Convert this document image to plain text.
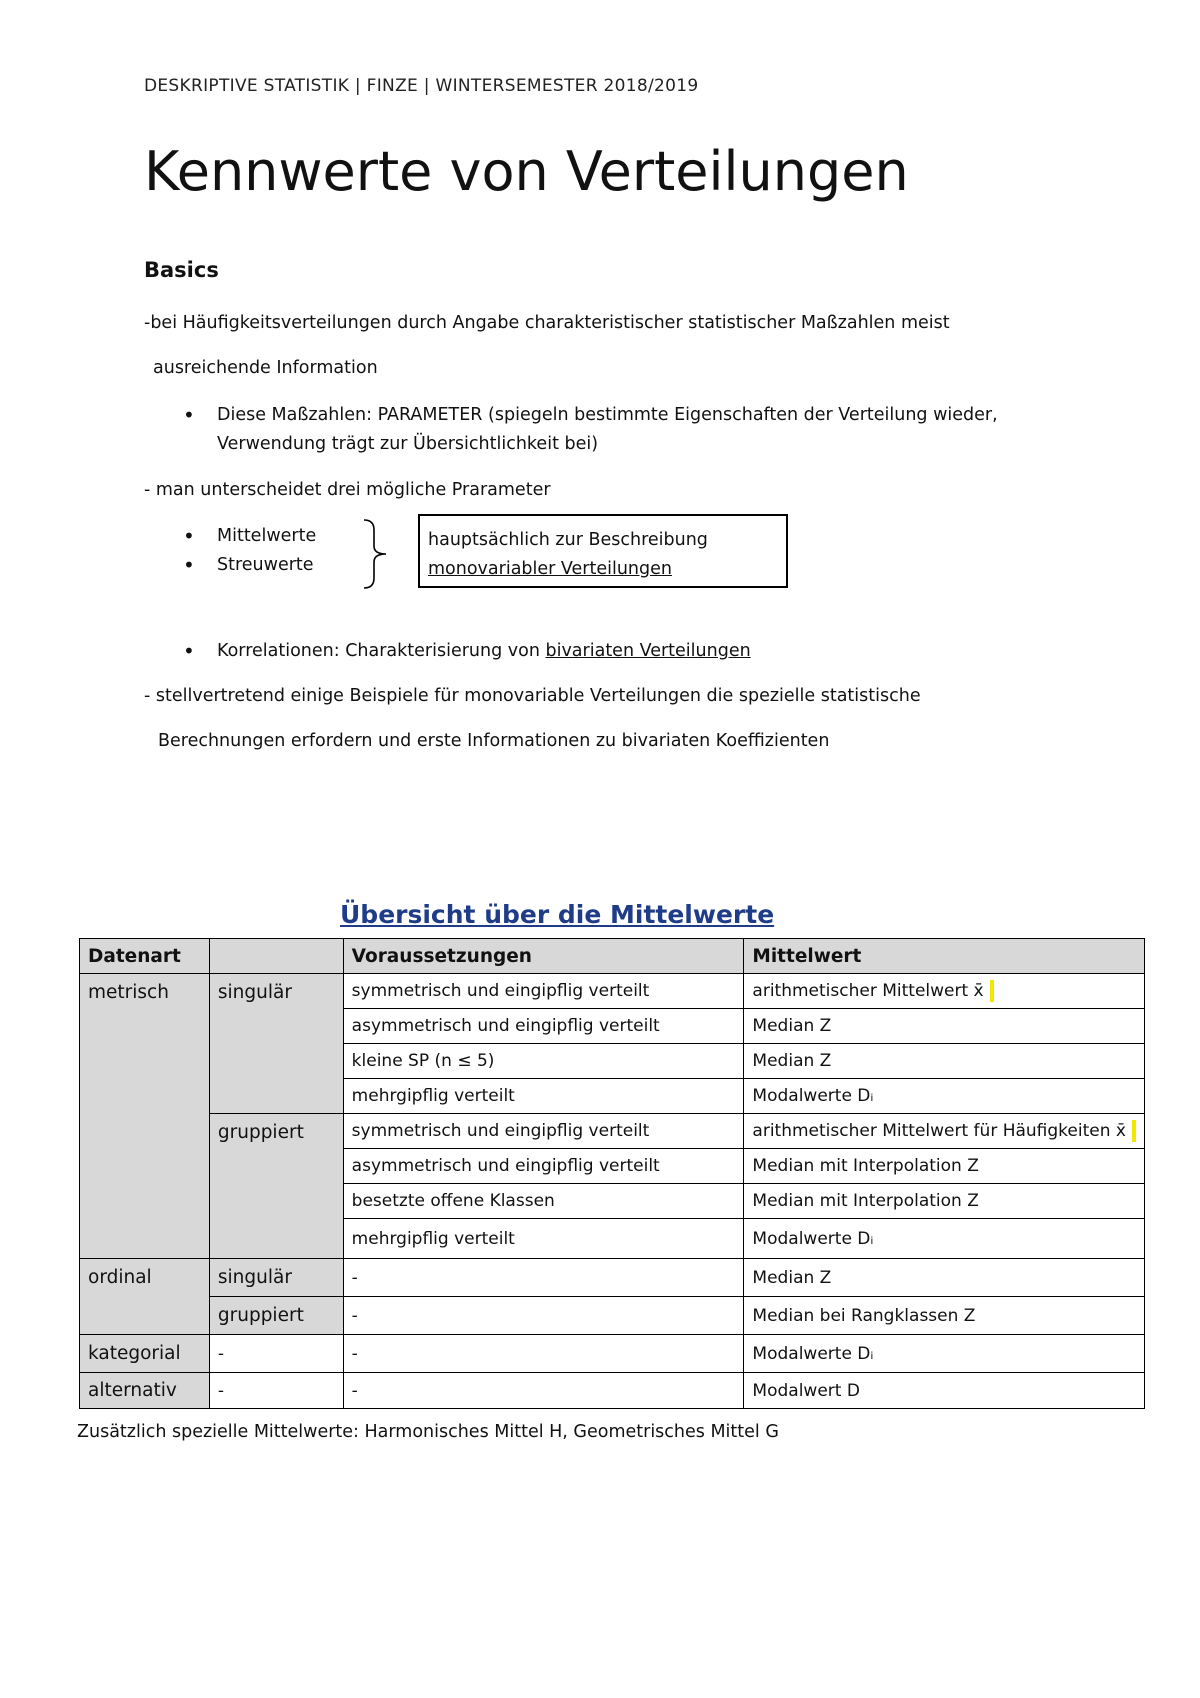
DESKRIPTIVE STATISTIK | FINZE | WINTERSEMESTER 2018/2019
Kennwerte von Verteilungen
Basics
-bei Häufigkeitsverteilungen durch Angabe charakteristischer statistischer Maßzahlen meist
ausreichende Information
• Diese Maßzahlen: PARAMETER (spiegeln bestimmte Eigenschaften der Verteilung wieder,
Verwendung trägt zur Übersichtlichkeit bei)
- man unterscheidet drei mögliche Prarameter
• Mittelwerte
• Streuwerte
hauptsächlich zur Beschreibung
monovariabler Verteilungen
• Korrelationen: Charakterisierung von bivariaten Verteilungen
- stellvertretend einige Beispiele für monovariable Verteilungen die spezielle statistische
Berechnungen erfordern und erste Informationen zu bivariaten Koeffizienten
Übersicht über die Mittelwerte
Datenart		Voraussetzungen	Mittelwert
metrisch	singulär	symmetrisch und eingipflig verteilt	arithmetischer Mittelwert x̄
		asymmetrisch und eingipflig verteilt	Median Z
		kleine SP (n ≤ 5)	Median Z
		mehrgipflig verteilt	Modalwerte Dᵢ
	gruppiert	symmetrisch und eingipflig verteilt	arithmetischer Mittelwert für Häufigkeiten x̄
		asymmetrisch und eingipflig verteilt	Median mit Interpolation Z
		besetzte offene Klassen	Median mit Interpolation Z
		mehrgipflig verteilt	Modalwerte Dᵢ
ordinal	singulär	-	Median Z
	gruppiert	-	Median bei Rangklassen Z
kategorial	-	-	Modalwerte Dᵢ
alternativ	-	-	Modalwert D
Zusätzlich spezielle Mittelwerte: Harmonisches Mittel H, Geometrisches Mittel G
